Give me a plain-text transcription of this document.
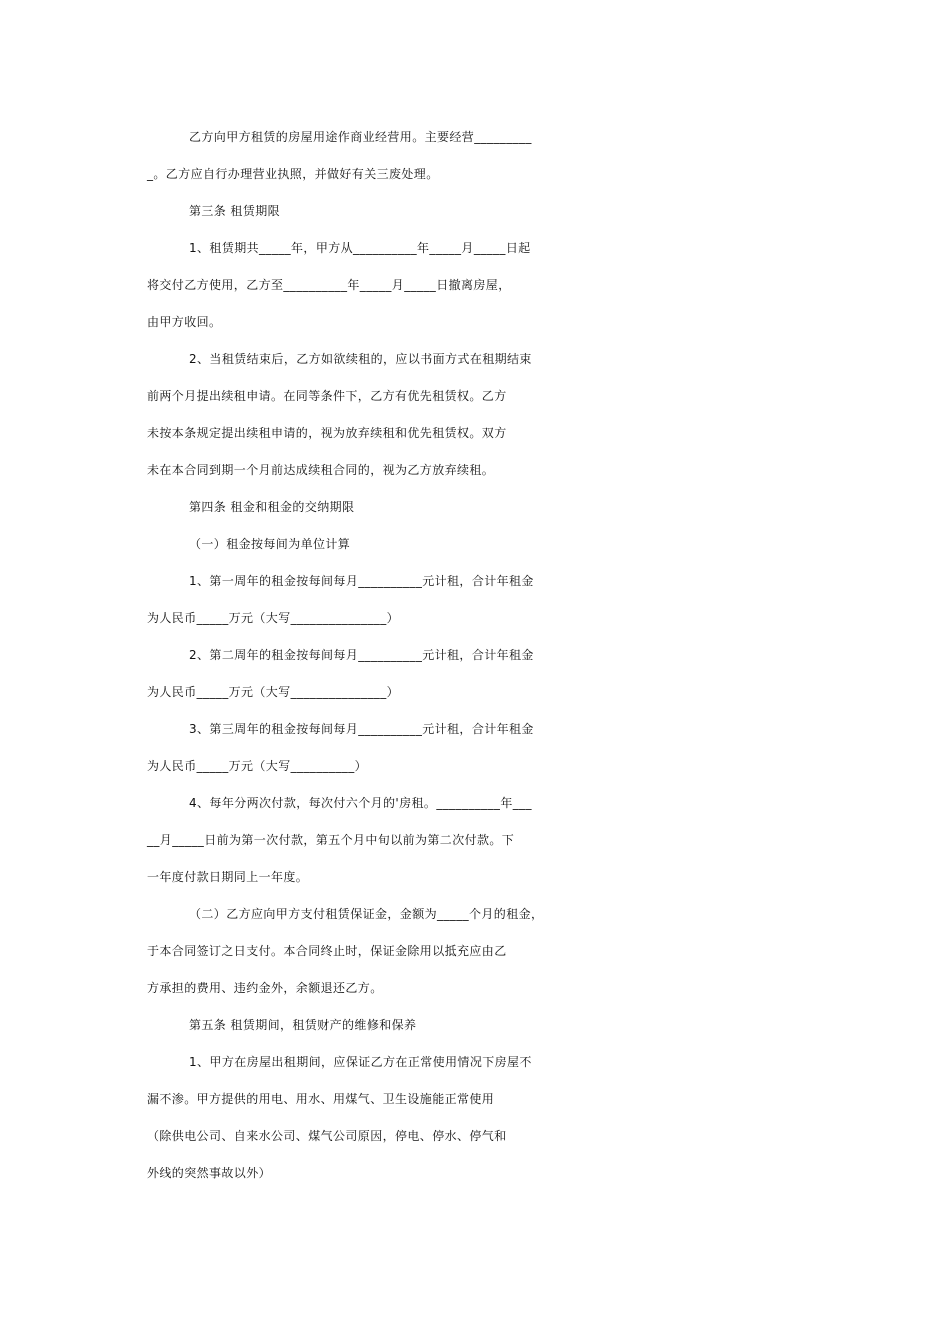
乙方向甲方租赁的房屋用途作商业经营用。主要经营_________
_。乙方应自行办理营业执照，并做好有关三废处理。
第三条 租赁期限
1、租赁期共_____年，甲方从__________年_____月_____日起
将交付乙方使用，乙方至__________年_____月_____日撤离房屋，
由甲方收回。
2、当租赁结束后，乙方如欲续租的，应以书面方式在租期结束
前两个月提出续租申请。在同等条件下，乙方有优先租赁权。乙方
未按本条规定提出续租申请的，视为放弃续租和优先租赁权。双方
未在本合同到期一个月前达成续租合同的，视为乙方放弃续租。
第四条 租金和租金的交纳期限
（一）租金按每间为单位计算
1、第一周年的租金按每间每月__________元计租，合计年租金
为人民币_____万元（大写_______________）
2、第二周年的租金按每间每月__________元计租，合计年租金
为人民币_____万元（大写_______________）
3、第三周年的租金按每间每月__________元计租，合计年租金
为人民币_____万元（大写__________）
4、每年分两次付款，每次付六个月的'房租。__________年___
__月_____日前为第一次付款，第五个月中旬以前为第二次付款。下
一年度付款日期同上一年度。
（二）乙方应向甲方支付租赁保证金，金额为_____个月的租金，
于本合同签订之日支付。本合同终止时，保证金除用以抵充应由乙
方承担的费用、违约金外，余额退还乙方。
第五条 租赁期间，租赁财产的维修和保养
1、甲方在房屋出租期间，应保证乙方在正常使用情况下房屋不
漏不渗。甲方提供的用电、用水、用煤气、卫生设施能正常使用
（除供电公司、自来水公司、煤气公司原因，停电、停水、停气和
外线的突然事故以外）
